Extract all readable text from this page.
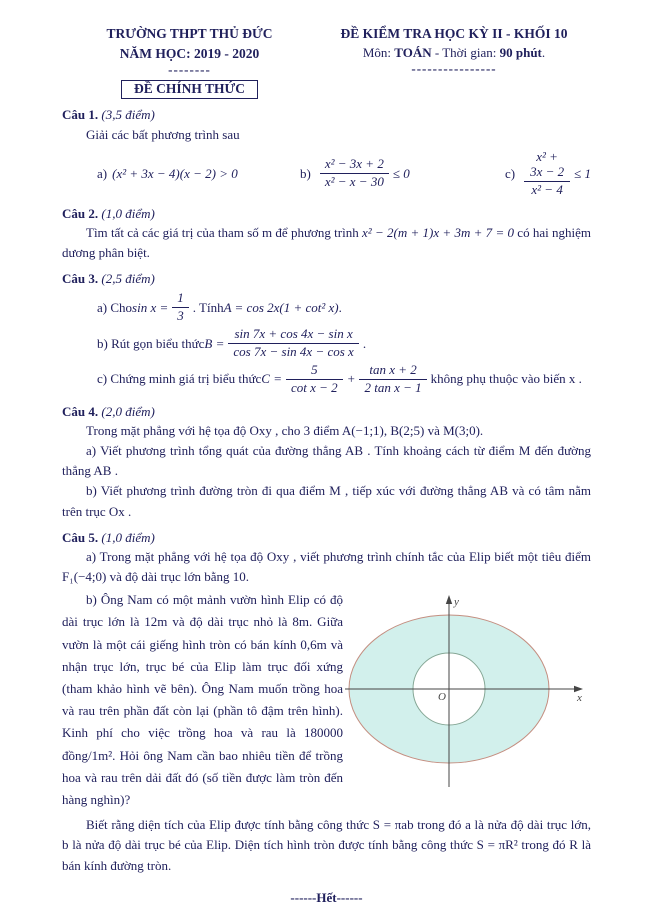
TRƯỜNG THPT THỦ ĐỨC
NĂM HỌC: 2019 - 2020
--------
ĐỀ CHÍNH THỨC
ĐỀ KIỂM TRA HỌC KỲ II - KHỐI 10
Môn: TOÁN - Thời gian: 90 phút.
----------------
Câu 1. (3,5 điểm)

Giải các bất phương trình sau

a) (x² + 3x − 4)(x − 2) > 0	$b) \frac{\text{x² − 3x + 2}}{\text{x² − x − 30}} \le 0$	$c) \frac{\text{x² + 3x − 2}}{\text{x² − 4}} \le 1$
Câu 2. (1,0 điểm)

Tìm tất cả các giá trị của tham số m để phương trình x² − 2(m + 1)x + 3m + 7 = 0 có hai nghiệm dương phân biệt.

Câu 3. (2,5 điểm)
a) Cho $\sin x = \frac{1}{3}$ . Tính A = cos 2x(1 + cot² x) .
b) Rút gọn biểu thức $B = \frac{\text{sin 7x + cos 4x − sin x}}{\text{cos 7x − sin 4x − cos x}}$ .
c) Chứng minh giá trị biểu thức $C = \frac{5}{\text{cot x − 2}} + \frac{\text{tan x + 2}}{\text{2 tan x − 1}}$ không phụ thuộc vào biến x .
Câu 4. (2,0 điểm)

Trong mặt phẳng với hệ tọa độ Oxy , cho 3 điểm A(−1;1), B(2;5) và M(3;0).

a) Viết phương trình tổng quát của đường thẳng AB . Tính khoảng cách từ điểm M đến đường thẳng AB .

b) Viết phương trình đường tròn đi qua điểm M , tiếp xúc với đường thẳng AB và có tâm nằm trên trục Ox .

Câu 5. (1,0 điểm)

a) Trong mặt phẳng với hệ tọa độ Oxy , viết phương trình chính tắc của Elip biết một tiêu điểm F₁(−4;0) và độ dài trục lớn bằng 10.

b) Ông Nam có một mảnh vườn hình Elip có độ dài trục lớn là 12m và độ dài trục nhỏ là 8m. Giữa vườn là một cái giếng hình tròn có bán kính 0,6m và nhận trục lớn, trục bé của Elip làm trục đối xứng (tham khảo hình vẽ bên). Ông Nam muốn trồng hoa và rau trên phần đất còn lại (phần tô đậm trên hình). Kinh phí cho việc trồng hoa và rau là 180000 đồng/1m². Hỏi ông Nam cần bao nhiêu tiền để trồng hoa và rau trên dải đất đó (số tiền được làm tròn đến hàng nghìn)?
y
x
O

Biết rằng diện tích của Elip được tính bằng công thức S = πab trong đó a là nửa độ dài trục lớn, b là nửa độ dài trục bé của Elip. Diện tích hình tròn được tính bằng công thức S = πR² trong đó R là bán kính đường tròn.

------Hết------
